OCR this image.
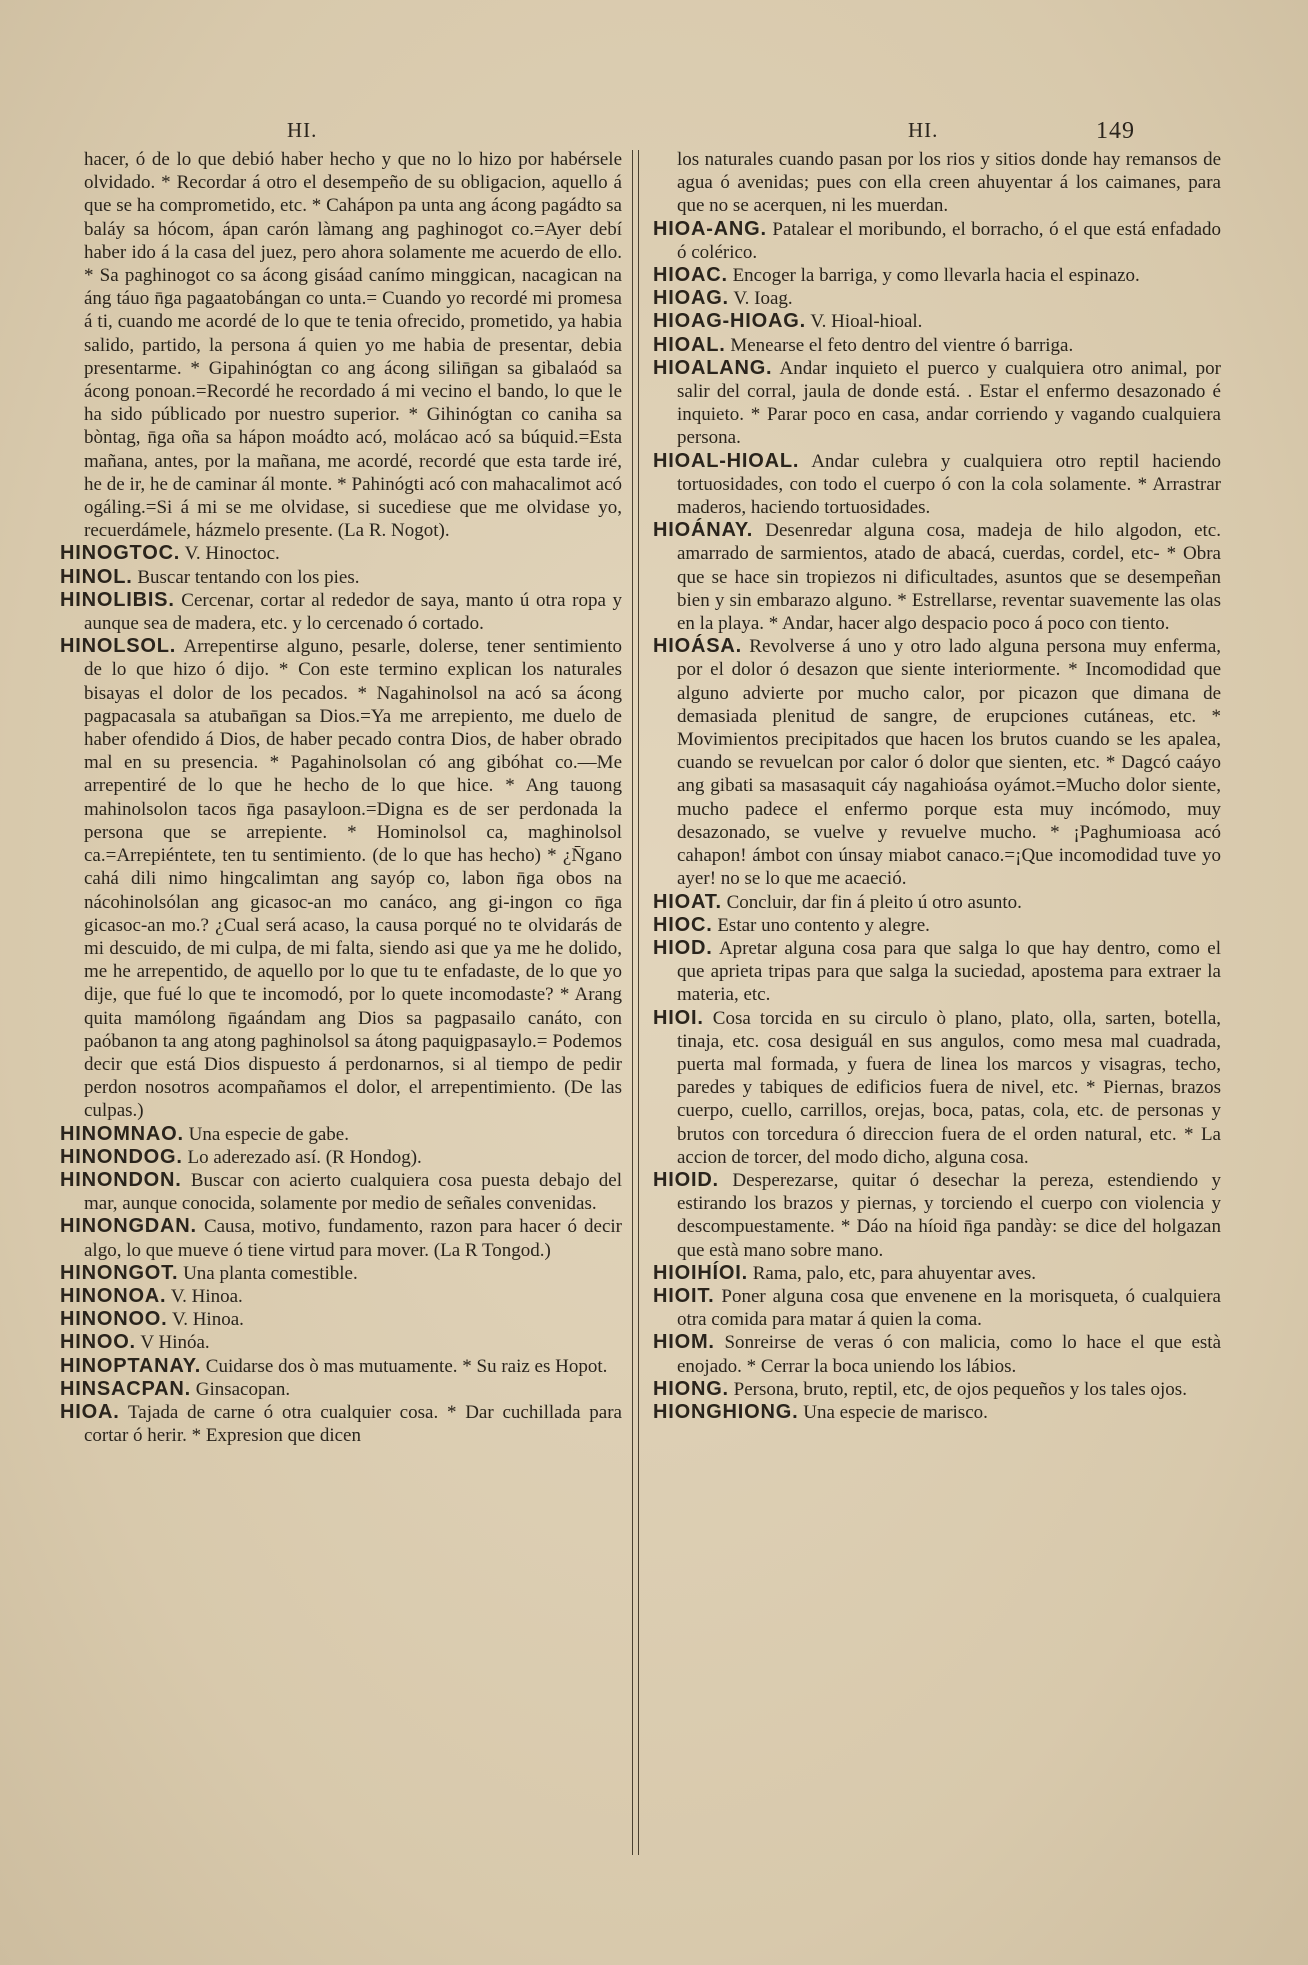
HI.	HI.	149

hacer, ó de lo que debió haber hecho y que no lo hizo por habérsele olvidado. * Recordar á otro el desempeño de su obligacion, aquello á que se ha comprometido, etc. * Caháp​on pa unta ang ácong pagádto sa baláy sa hócom, ápan carón làmang ang paghinogot co.=Ayer debí haber ido á la casa del juez, pero ahora solamente me acuerdo de ello. * Sa paghinogot co sa ácong gisáad canímo minggican, nacagican na áng táuo n̄ga pagaatobángan co unta.= Cuando yo recordé mi promesa á ti, cuando me acordé de lo que te tenia ofrecido, prometido, ya habia salido, partido, la persona á quien yo me habia de presentar, debia presentarme. * Gipahinógtan co ang ácong silin̄gan sa gibalaód sa ácong ponoan.=Recordé he recordado á mi vecino el bando, lo que le ha sido públicado por nuestro superior. * Gihinógtan co caniha sa bòntag, n̄ga oña sa hápon moádto acó, molácao acó sa búquid.=Esta mañana, antes, por la mañana, me acordé, recordé que esta tarde iré, he de ir, he de caminar ál monte. * Pahinógti acó con mahacalimot acó ogáling.=Si á mi se me olvidase, si sucediese que me olvidase yo, recuerdámele, házmelo presente. (La R. Nogot).

HINOGTOC. V. Hinoctoc.

HINOL. Buscar tentando con los pies.

HINOLIBIS. Cercenar, cortar al rededor de saya, manto ú otra ropa y aunque sea de madera, etc. y lo cercenado ó cortado.

HINOLSOL. Arrepentirse alguno, pesarle, dolerse, tener sentimiento de lo que hizo ó dijo. * Con este termino explican los naturales bisayas el dolor de los pecados. * Nagahinolsol na acó sa ácong pagpacasala sa atuban̄gan sa Dios.=Ya me arrepiento, me duelo de haber ofendido á Dios, de haber pecado contra Dios, de haber obrado mal en su presencia. * Pagahinolsolan có ang gibóhat co.—Me arrepentiré de lo que he hecho de lo que hice. * Ang tauong mahinolsolon tacos n̄ga pasayloon.=Digna es de ser perdonada la persona que se arrepiente. * Hominolsol ca, maghinolsol ca.=Arrepiéntete, ten tu sentimiento. (de lo que has hecho) * ¿N̄gano cahá dili nimo hingcalimtan ang sayóp co, labon n̄ga obos na nácohinolsólan ang gicasoc-an mo canáco, ang gi-ingon co n̄ga gicasoc-an mo.? ¿Cual será acaso, la causa porqué no te olvidarás de mi descuido, de mi culpa, de mi falta, siendo asi que ya me he dolido, me he arrepentido, de aquello por lo que tu te enfadaste, de lo que yo dije, que fué lo que te incomodó, por lo quete incomodaste? * Arang quita mamólong n̄gaándam ang Dios sa pagpasailo canáto, con paóbanon ta ang atong paghinolsol sa átong paquigpasaylo.= Podemos decir que está Dios dispuesto á perdonarnos, si al tiempo de pedir perdon nosotros acompañamos el dolor, el arrepentimiento. (De las culpas.)

HINOMNAO. Una especie de gabe.

HINONDOG. Lo aderezado así. (R Hondog).

HINONDON. Buscar con acierto cualquiera cosa puesta debajo del mar, aunque conocida, solamente por medio de señales convenidas.

HINONGDAN. Causa, motivo, fundamento, razon para hacer ó decir algo, lo que mueve ó tiene virtud para mover. (La R Tongod.)

HINONGOT. Una planta comestible.

HINONOA. V. Hinoa.

HINONOO. V. Hinoa.

HINOO. V Hinóa.

HINOPTANAY. Cuidarse dos ò mas mutuamente. * Su raiz es Hopot.

HINSACPAN. Ginsacopan.

HIOA. Tajada de carne ó otra cualquier cosa. * Dar cuchillada para cortar ó herir. * Expresion que dicen

los naturales cuando pasan por los rios y sitios donde hay remansos de agua ó avenidas; pues con ella creen ahuyentar á los caimanes, para que no se acerquen, ni les muerdan.

HIOA-ANG. Patalear el moribundo, el borracho, ó el que está enfadado ó colérico.

HIOAC. Encoger la barriga, y como llevarla hacia el espinazo.

HIOAG. V. Ioag.

HIOAG-HIOAG. V. Hioal-hioal.

HIOAL. Menearse el feto dentro del vientre ó barriga.

HIOALANG. Andar inquieto el puerco y cualquiera otro animal, por salir del corral, jaula de donde está. . Estar el enfermo desazonado é inquieto. * Parar poco en casa, andar corriendo y vagando cualquiera persona.

HIOAL-HIOAL. Andar culebra y cualquiera otro reptil haciendo tortuosidades, con todo el cuerpo ó con la cola solamente. * Arrastrar maderos, haciendo tortuosidades.

HIOÁNAY. Desenredar alguna cosa, madeja de hilo algodon, etc. amarrado de sarmientos, atado de abacá, cuerdas, cordel, etc- * Obra que se hace sin tropiezos ni dificultades, asuntos que se desempeñan bien y sin embarazo alguno. * Estrellarse, reventar suavemente las olas en la playa. * Andar, hacer algo despacio poco á poco con tiento.

HIOÁSA. Revolverse á uno y otro lado alguna persona muy enferma, por el dolor ó desazon que siente interiormente. * Incomodidad que alguno advierte por mucho calor, por picazon que dimana de demasiada plenitud de sangre, de erupciones cutáneas, etc. * Movimientos precipitados que hacen los brutos cuando se les apalea, cuando se revuelcan por calor ó dolor que sienten, etc. * Dagcó caáyo ang gibati sa masasaquit cáy nagahioása oyámot.=Mucho dolor siente, mucho padece el enfermo porque esta muy incómodo, muy desazonado, se vuelve y revuelve mucho. * ¡Paghumioasa acó cahapon! ámbot con únsay miabot canaco.=¡Que incomodidad tuve yo ayer! no se lo que me acaeció.

HIOAT. Concluir, dar fin á pleito ú otro asunto.

HIOC. Estar uno contento y alegre.

HIOD. Apretar alguna cosa para que salga lo que hay dentro, como el que aprieta tripas para que salga la suciedad, apostema para extraer la materia, etc.

HIOI. Cosa torcida en su circulo ò plano, plato, olla, sarten, botella, tinaja, etc. cosa desiguál en sus angulos, como mesa mal cuadrada, puerta mal formada, y fuera de linea los marcos y visagras, techo, paredes y tabiques de edificios fuera de nivel, etc. * Piernas, brazos cuerpo, cuello, carrillos, orejas, boca, patas, cola, etc. de personas y brutos con torcedura ó direccion fuera de el orden natural, etc. * La accion de torcer, del modo dicho, alguna cosa.

HIOID. Desperezarse, quitar ó desechar la pereza, estendiendo y estirando los brazos y piernas, y torciendo el cuerpo con violencia y descompuestamente. * Dáo na híoid n̄ga pandày: se dice del holgazan que està mano sobre mano.

HIOIHÍOI. Rama, palo, etc, para ahuyentar aves.

HIOIT. Poner alguna cosa que envenene en la morisqueta, ó cualquiera otra comida para matar á quien la coma.

HIOM. Sonreirse de veras ó con malicia, como lo hace el que està enojado. * Cerrar la boca uniendo los lábios.

HIONG. Persona, bruto, reptil, etc, de ojos pequeños y los tales ojos.

HIONGHIONG. Una especie de marisco.
